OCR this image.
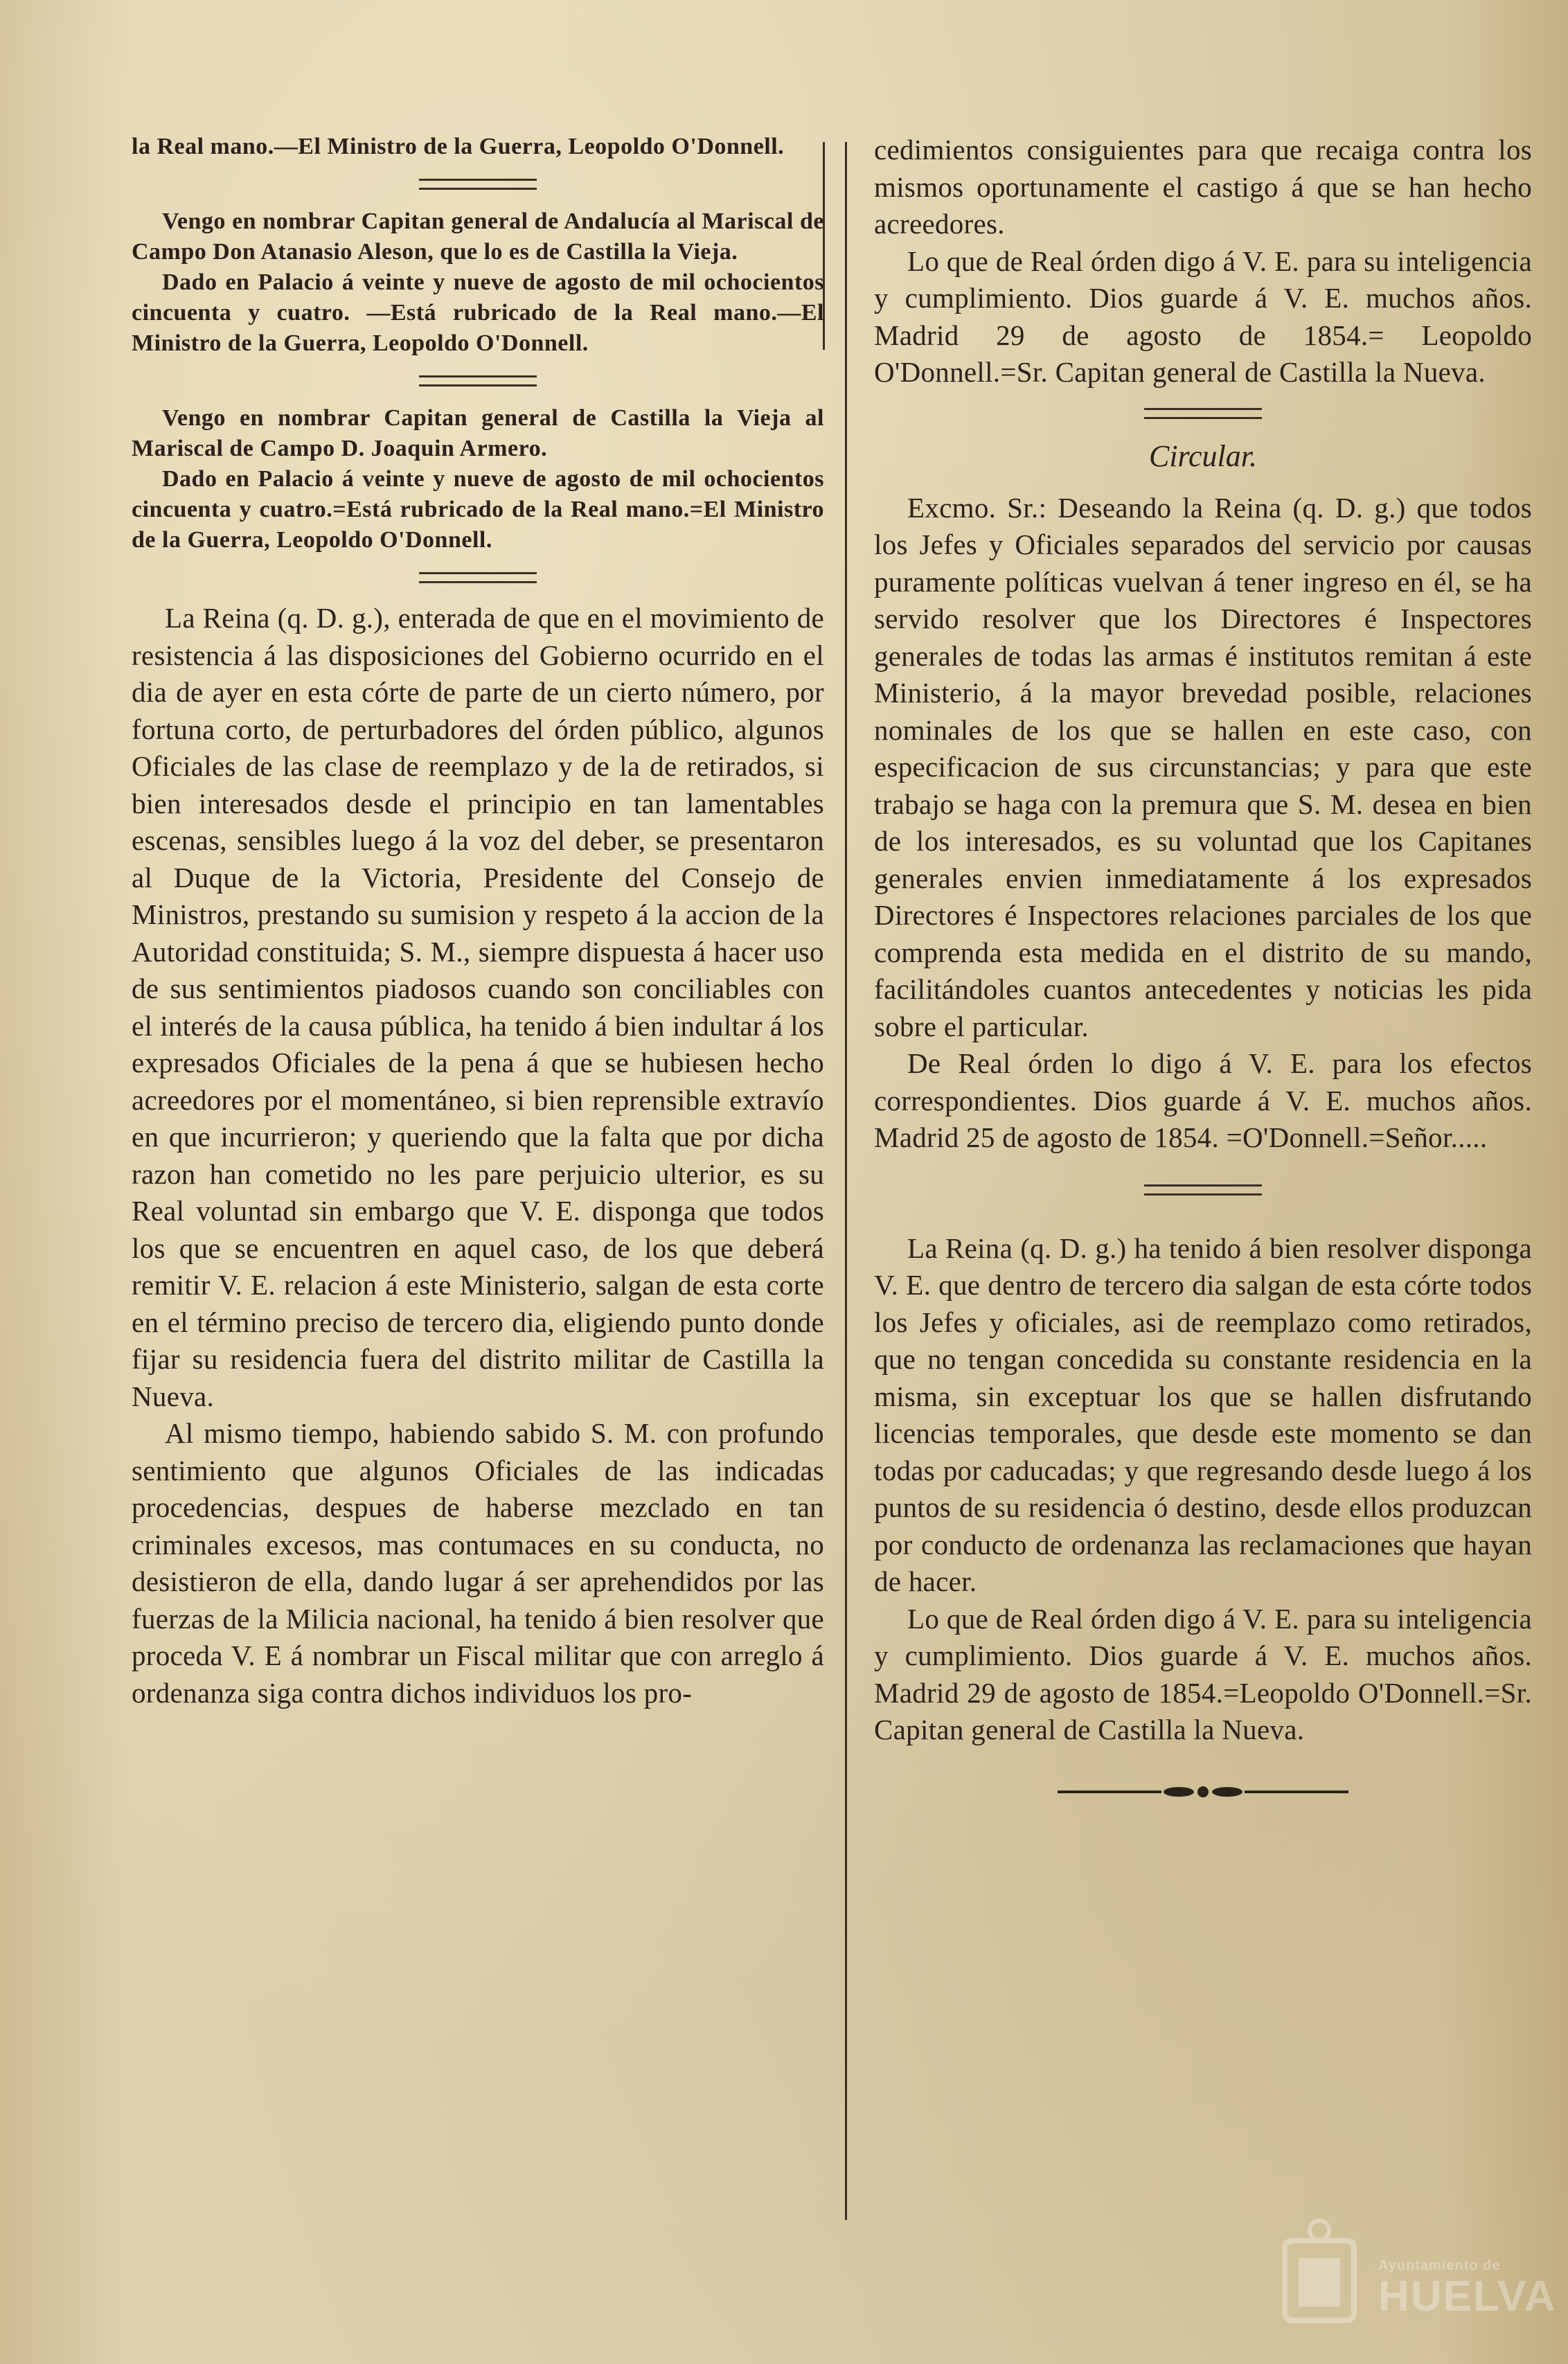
la Real mano.—El Ministro de la Guerra, Leopoldo O'Donnell.

Vengo en nombrar Capitan general de Andalucía al Mariscal de Campo Don Atanasio Aleson, que lo es de Castilla la Vieja.

Dado en Palacio á veinte y nueve de agosto de mil ochocientos cincuenta y cuatro. —Está rubricado de la Real mano.—El Ministro de la Guerra, Leopoldo O'Donnell.

Vengo en nombrar Capitan general de Castilla la Vieja al Mariscal de Campo D. Joaquin Armero.

Dado en Palacio á veinte y nueve de agosto de mil ochocientos cincuenta y cuatro.=Está rubricado de la Real mano.=El Ministro de la Guerra, Leopoldo O'Donnell.

La Reina (q. D. g.), enterada de que en el movimiento de resistencia á las disposiciones del Gobierno ocurrido en el dia de ayer en esta córte de parte de un cierto número, por fortuna corto, de perturbadores del órden público, algunos Oficiales de las clase de reemplazo y de la de retirados, si bien interesados desde el principio en tan lamentables escenas, sensibles luego á la voz del deber, se presentaron al Duque de la Victoria, Presidente del Consejo de Ministros, prestando su sumision y respeto á la accion de la Autoridad constituida; S. M., siempre dispuesta á hacer uso de sus sentimientos piadosos cuando son conciliables con el interés de la causa pública, ha tenido á bien indultar á los expresados Oficiales de la pena á que se hubiesen hecho acreedores por el momentáneo, si bien reprensible extravío en que incurrieron; y queriendo que la falta que por dicha razon han cometido no les pare perjuicio ulterior, es su Real voluntad sin embargo que V. E. disponga que todos los que se encuentren en aquel caso, de los que deberá remitir V. E. relacion á este Ministerio, salgan de esta corte en el término preciso de tercero dia, eligiendo punto donde fijar su residencia fuera del distrito militar de Castilla la Nueva.

Al mismo tiempo, habiendo sabido S. M. con profundo sentimiento que algunos Oficiales de las indicadas procedencias, despues de haberse mezclado en tan criminales excesos, mas contumaces en su conducta, no desistieron de ella, dando lugar á ser aprehendidos por las fuerzas de la Milicia nacional, ha tenido á bien resolver que proceda V. E á nombrar un Fiscal militar que con arreglo á ordenanza siga contra dichos individuos los pro-

cedimientos consiguientes para que recaiga contra los mismos oportunamente el castigo á que se han hecho acreedores.

Lo que de Real órden digo á V. E. para su inteligencia y cumplimiento. Dios guarde á V. E. muchos años. Madrid 29 de agosto de 1854.= Leopoldo O'Donnell.=Sr. Capitan general de Castilla la Nueva.

Circular.

Excmo. Sr.: Deseando la Reina (q. D. g.) que todos los Jefes y Oficiales separados del servicio por causas puramente políticas vuelvan á tener ingreso en él, se ha servido resolver que los Directores é Inspectores generales de todas las armas é institutos remitan á este Ministerio, á la mayor brevedad posible, relaciones nominales de los que se hallen en este caso, con especificacion de sus circunstancias; y para que este trabajo se haga con la premura que S. M. desea en bien de los interesados, es su voluntad que los Capitanes generales envien inmediatamente á los expresados Directores é Inspectores relaciones parciales de los que comprenda esta medida en el distrito de su mando, facilitándoles cuantos antecedentes y noticias les pida sobre el particular.

De Real órden lo digo á V. E. para los efectos correspondientes. Dios guarde á V. E. muchos años. Madrid 25 de agosto de 1854. =O'Donnell.=Señor.....

La Reina (q. D. g.) ha tenido á bien resolver disponga V. E. que dentro de tercero dia salgan de esta córte todos los Jefes y oficiales, asi de reemplazo como retirados, que no tengan concedida su constante residencia en la misma, sin exceptuar los que se hallen disfrutando licencias temporales, que desde este momento se dan todas por caducadas; y que regresando desde luego á los puntos de su residencia ó destino, desde ellos produzcan por conducto de ordenanza las reclamaciones que hayan de hacer.

Lo que de Real órden digo á V. E. para su inteligencia y cumplimiento. Dios guarde á V. E. muchos años. Madrid 29 de agosto de 1854.=Leopoldo O'Donnell.=Sr. Capitan general de Castilla la Nueva.

Ayuntamiento de
HUELVA
